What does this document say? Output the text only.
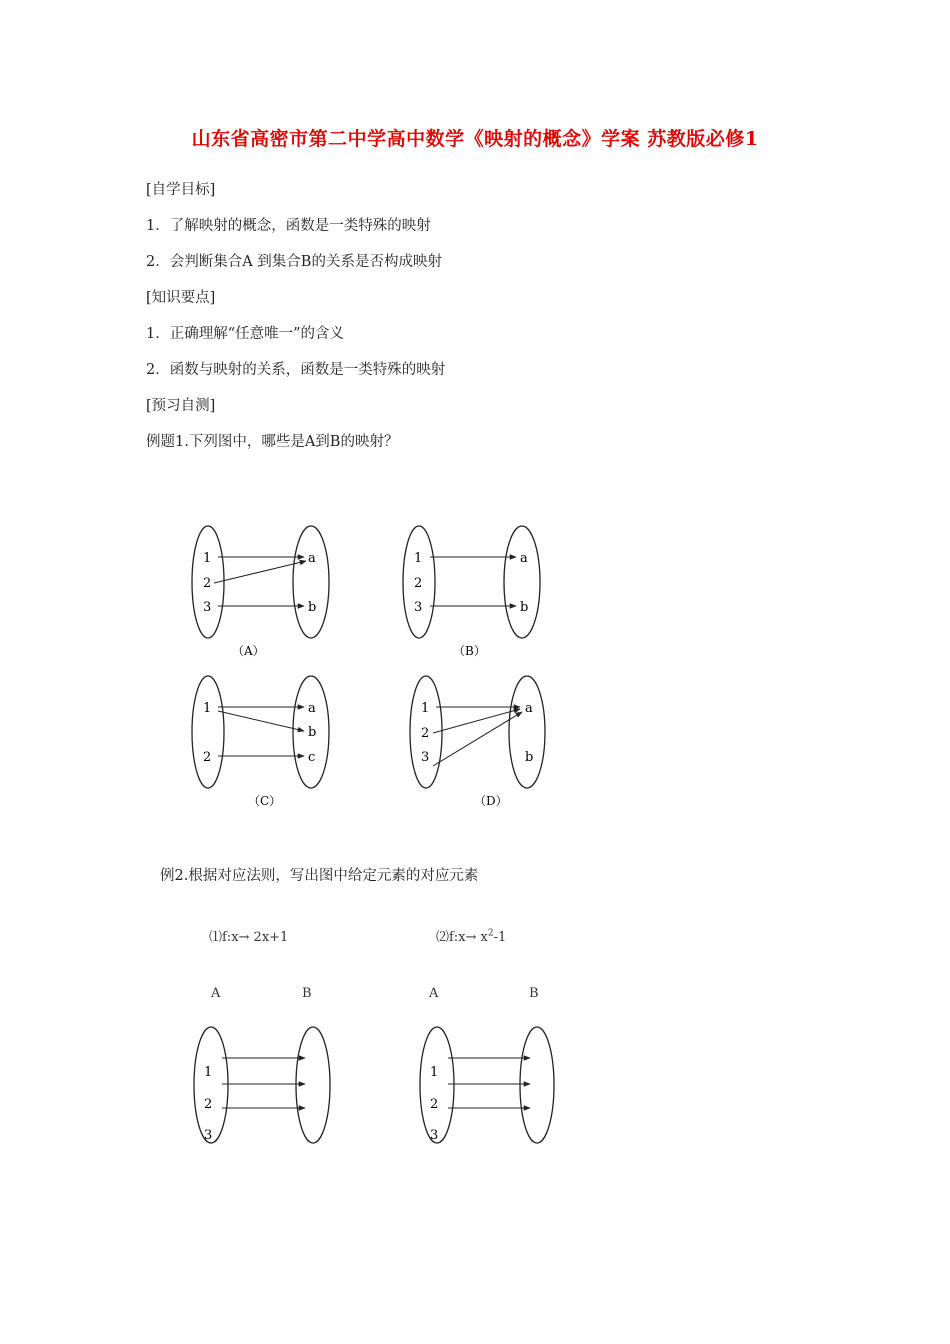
山东省高密市第二中学高中数学《映射的概念》学案 苏教版必修1
[自学目标]
1．了解映射的概念，函数是一类特殊的映射
2．会判断集合A 到集合B的关系是否构成映射
[知识要点]
1．正确理解“任意唯一”的含义
2．函数与映射的关系，函数是一类特殊的映射
[预习自测]
例题1.下列图中，哪些是A到B的映射？
1
2
3
a
b
（A）
1
2
3
a
b
（B）
1
2
a
b
c
（C）
1
2
3
a
b
（D）
1
2
3
1
2
3
例2.根据对应法则，写出图中给定元素的对应元素
⑴f:x→ 2x+1	⑵f:x→ $x^2-1$
A	B	A	B
